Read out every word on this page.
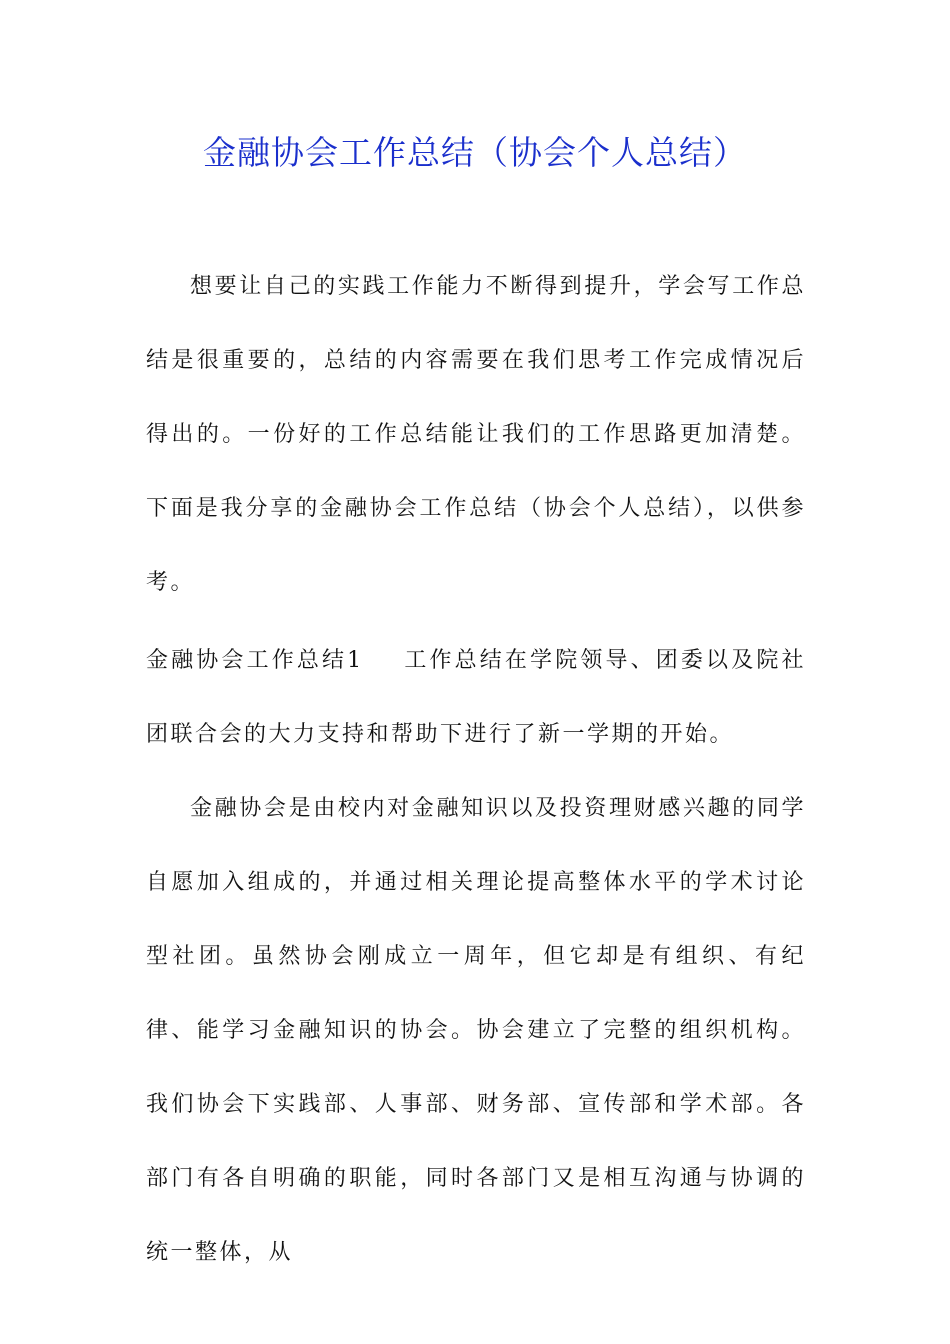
金融协会工作总结（协会个人总结）

想要让自己的实践工作能力不断得到提升，学会写工作总结是很重要的，总结的内容需要在我们思考工作完成情况后得出的。一份好的工作总结能让我们的工作思路更加清楚。下面是我分享的金融协会工作总结（协会个人总结），以供参考。

金融协会工作总结1 工作总结在学院领导、团委以及院社团联合会的大力支持和帮助下进行了新一学期的开始。

金融协会是由校内对金融知识以及投资理财感兴趣的同学自愿加入组成的，并通过相关理论提高整体水平的学术讨论型社团。虽然协会刚成立一周年，但它却是有组织、有纪律、能学习金融知识的协会。协会建立了完整的组织机构。我们协会下实践部、人事部、财务部、宣传部和学术部。各部门有各自明确的职能，同时各部门又是相互沟通与协调的统一整体，从
